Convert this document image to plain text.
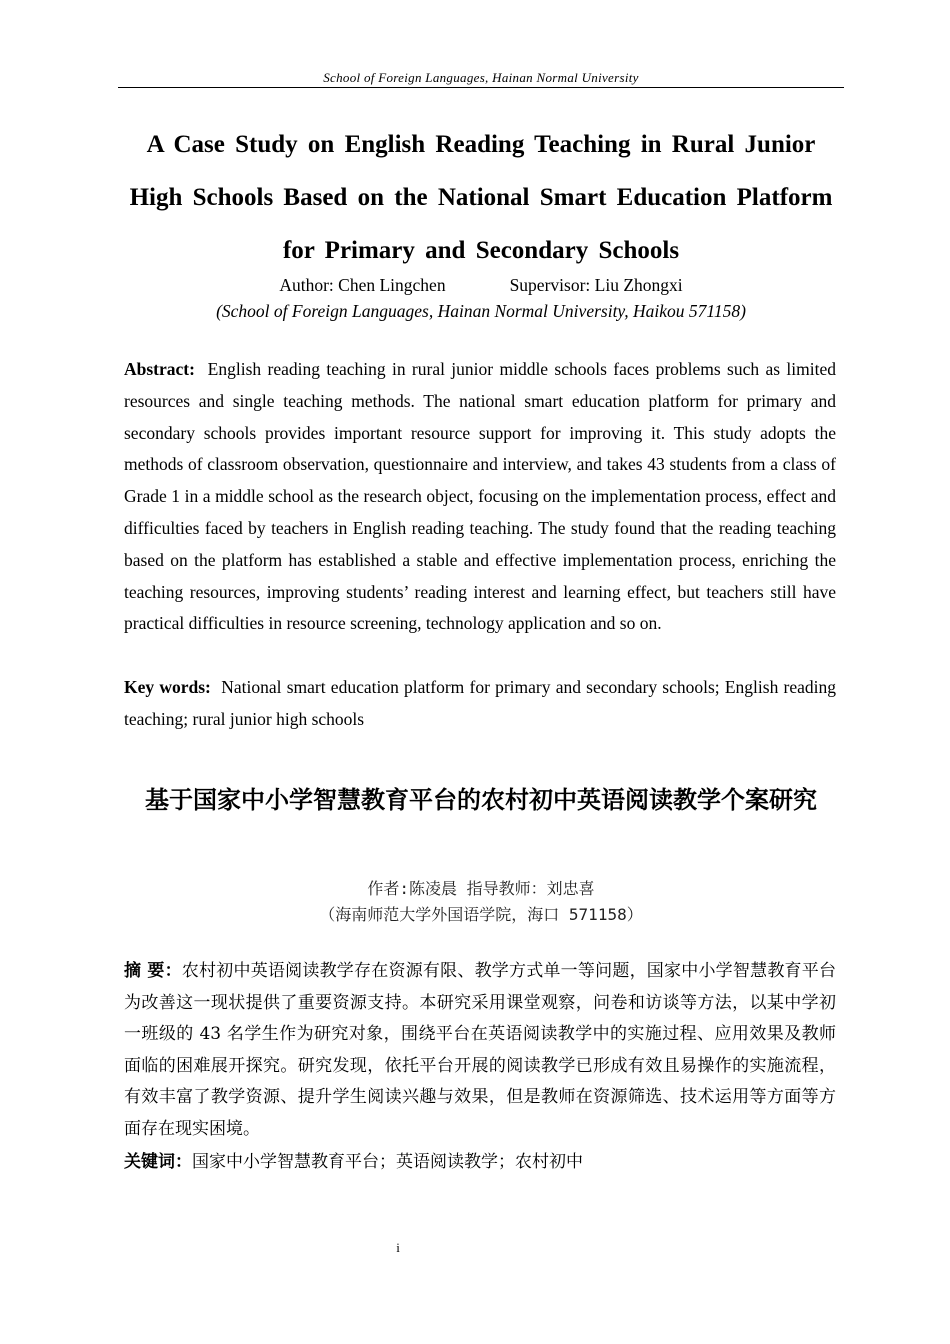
School of Foreign Languages, Hainan Normal University
A Case Study on English Reading Teaching in Rural Junior High Schools Based on the National Smart Education Platform for Primary and Secondary Schools
Author: Chen Lingchen	Supervisor: Liu Zhongxi
(School of Foreign Languages, Hainan Normal University, Haikou 571158)

Abstract: English reading teaching in rural junior middle schools faces problems such as limited resources and single teaching methods. The national smart education platform for primary and secondary schools provides important resource support for improving it. This study adopts the methods of classroom observation, questionnaire and interview, and takes 43 students from a class of Grade 1 in a middle school as the research object, focusing on the implementation process, effect and difficulties faced by teachers in English reading teaching. The study found that the reading teaching based on the platform has established a stable and effective implementation process, enriching the teaching resources, improving students’ reading interest and learning effect, but teachers still have practical difficulties in resource screening, technology application and so on.

Key words: National smart education platform for primary and secondary schools; English reading teaching; rural junior high schools

基于国家中小学智慧教育平台的农村初中英语阅读教学个案研究
作者:陈凌晨 指导教师：刘忠喜
（海南师范大学外国语学院，海口 571158）

摘 要：农村初中英语阅读教学存在资源有限、教学方式单一等问题，国家中小学智慧教育平台为改善这一现状提供了重要资源支持。本研究采用课堂观察，问卷和访谈等方法，以某中学初一班级的 43 名学生作为研究对象，围绕平台在英语阅读教学中的实施过程、应用效果及教师面临的困难展开探究。研究发现，依托平台开展的阅读教学已形成有效且易操作的实施流程，有效丰富了教学资源、提升学生阅读兴趣与效果，但是教师在资源筛选、技术运用等方面等方面存在现实困境。

关键词：国家中小学智慧教育平台；英语阅读教学；农村初中

i
